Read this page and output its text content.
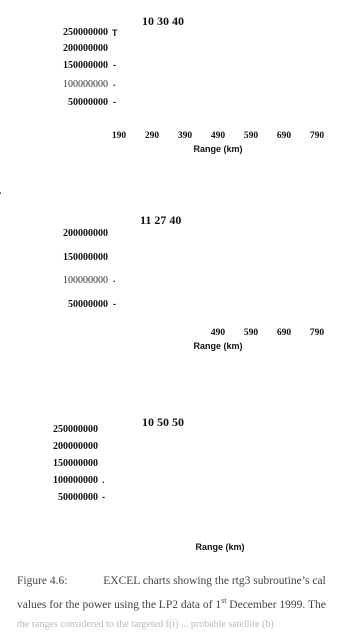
10 30 40
250000000 T
200000000
150000000 -
100000000 .
50000000 -
190	290	390	490	590	690	790
Range (km)
11 27 40
200000000
150000000
100000000 .
50000000 -
490	590	690	790
Range (km)
10 50 50
250000000
200000000
150000000
100000000 .
50000000 -
Range (km)
Figure 4.6:	EXCEL charts showing the rtg3 subroutine’s cal
values for the power using the LP2 data of 1st December 1999. The
the ranges considered to the targeted f(t) ... probable satellite (b)
